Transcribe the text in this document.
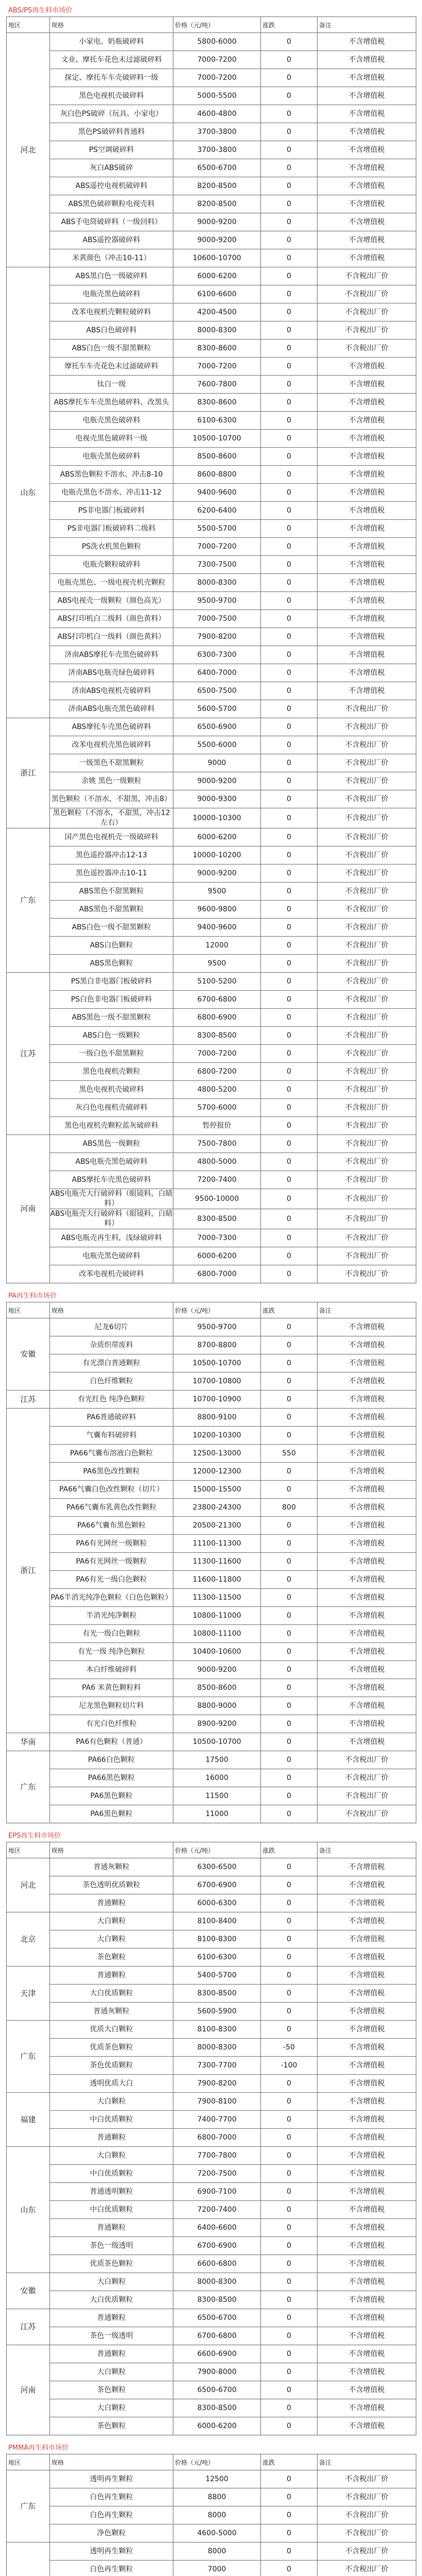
ABS/PS再生料市场价
地区	规格	价格（元/吨）	涨跌	备注
河北	小家电、奶瓶破碎料	5800-6000	0	不含增值税
	文业、摩托车花色未过滤破碎料	7000-7200	0	不含增值税
	探定、摩托车车壳破碎料一级	7000-7200	0	不含增值税
	黑色电视机壳破碎料	5000-5500	0	不含增值税
	灰白色PS破碎（玩具、小家电）	4600-4800	0	不含增值税
	黑色PS破碎料普通料	3700-3800	0	不含增值税
	PS空调破碎料	3700-3800	0	不含增值税
	灰白ABS破碎	6500-6700	0	不含增值税
	ABS遥控电视机破碎料	8200-8500	0	不含增值税
	ABS黑色破碎颗粒电视壳料	8200-8500	0	不含增值税
	ABS手电筒破碎料（一级回料）	9000-9200	0	不含增值税
	ABS遥控器破碎料	9000-9200	0	不含增值税
	米黄颜色（冲击10-11）	10600-10700	0	不含增值税
山东	ABS黑白色一级破碎料	6000-6200	0	不含税出厂价
	电瓶壳黑色破碎料	6100-6600	0	不含税出厂价
	改苯电视机壳颗粒破碎料	4200-4500	0	不含税出厂价
	ABS白色破碎料	8000-8300	0	不含税出厂价
	ABS白色一级不甜黑颗粒	8300-8600	0	不含税出厂价
	摩托车车壳花色未过滤破碎料	7000-7200	0	不含增值税
	钛白一级	7600-7800	0	不含增值税
	ABS摩托车车壳黑色破碎料、改黑头	8300-8600	0	不含增值税
	电瓶壳黑色破碎料	6100-6300	0	不含增值税
	电视壳黑色破碎料一级	10500-10700	0	不含增值税
	电瓶壳黑色破碎料	8500-8600	0	不含增值税
	ABS黑色颗粒不溶水、冲击8-10	8600-8800	0	不含增值税
	电瓶壳黑色不溶水、冲击11-12	9400-9600	0	不含增值税
	PS非电器门板破碎料	6200-6400	0	不含增值税
	PS非电器门板破碎料二级料	5500-5700	0	不含增值税
	PS洗衣机黑色颗粒	7000-7200	0	不含增值税
	电瓶壳颗粒破碎料	7300-7500	0	不含增值税
	电瓶壳黑色、一级电视壳机壳颗粒	8000-8300	0	不含增值税
	ABS电视壳一级颗粒（颜色高光）	9500-9700	0	不含增值税
	ABS打印机白二级料（颜色黄料）	7000-7500	0	不含增值税
	ABS打印机白一级料（颜色黄料）	7900-8200	0	不含增值税
	济南ABS摩托车壳黑色破碎料	6300-7300	0	不含增值税
	济南ABS电瓶壳绿色破碎料	6400-7000	0	不含增值税
	济南ABS电视机壳破碎料	6500-7500	0	不含增值税
	济南ABS电瓶壳黑色破碎料	5600-5700	0	不含税出厂价
浙江	ABS摩托车壳黑色破碎料	6500-6900	0	不含税出厂价
	改苯电视机壳黑色破碎料	5500-6000	0	不含税出厂价
	一级黑色不甜黑颗粒	9000	0	不含税出厂价
	余姚 黑色一级颗粒	9000-9200	0	不含税出厂价
	黑色颗粒（不溶水，不甜黑，冲击8）	9000-9300	0	不含税出厂价
	黑色颗粒（不溶水，不甜黑，冲击12左右）	10000-10300	0	不含税出厂价
广东	国产黑色电视机壳一级破碎料	6000-6200	0	不含税出厂价
	黑色遥控器冲击12-13	10000-10200	0	不含税出厂价
	黑色遥控器冲击10-11	9000-9200	0	不含税出厂价
	ABS黑色不甜黑颗粒	9500	0	不含税出厂价
	ABS黑色不甜黑颗粒	9600-9800	0	不含税出厂价
	ABS白色一级不甜黑颗粒	9400-9600	0	不含税出厂价
	ABS白色颗粒	12000	0	不含税出厂价
	ABS黑色颗粒	9500	0	不含税出厂价
江苏	PS黑白非电器门板破碎料	5100-5200	0	不含税出厂价
	PS白色非电器门板破碎料	6700-6800	0	不含税出厂价
	ABS黑色一级不甜黑颗粒	6800-6900	0	不含税出厂价
	ABS白色一级颗粒	8300-8500	0	不含税出厂价
	一级白色不甜黑颗粒	7000-7200	0	不含税出厂价
	黑色电视机壳颗粒	6800-7200	0	不含税出厂价
	黑色电视机壳破碎料	4800-5200	0	不含税出厂价
	灰白色电视机壳破碎料	5700-6000	0	不含税出厂价
	黑色电视机壳颗粒蓝灰破碎料	暂停报价	0	不含税出厂价
河南	ABS黑色一级颗粒	7500-7800	0	不含税出厂价
	ABS电瓶壳黑色破碎料	4800-5000	0	不含税出厂价
	ABS摩托车壳黑色破碎料	7200-7400	0	不含税出厂价
	ABS电瓶壳大行破碎料（眼镜料，白睛料）	9500-10000	0	不含税出厂价
	ABS电瓶壳大行破碎料（眼镜料，白睛料）	8300-8500	0	不含税出厂价
	ABS电瓶壳再生料，浅绿破碎料	7000-7300	0	不含税出厂价
	电瓶壳黑色破碎料	6000-6200	0	不含税出厂价
	改苯电视机壳破碎料	6800-7000	0	不含税出厂价
PA再生料市场价
地区	规格	价格（元/吨）	涨跌	备注
安徽	尼龙6切片	9500-9700	0	不含增值税
	杂质织带废料	8700-8800	0	不含增值税
	有光漂白普通颗粒	10500-10700	0	不含增值税
	白色纤维颗粒	10700-10800	0	不含增值税
江苏	有光红色 纯净色颗粒	10700-10900	0	不含增值税
浙江	PA6普通破碎料	8800-9100	0	不含增值税
	气囊布料破碎料	10200-10300	0	不含增值税
	PA66气囊布溶液白色颗粒	12500-13000	550	不含增值税
	PA6黑色改性颗粒	12000-12300	0	不含增值税
	PA66气囊白色改性颗粒（切片）	15000-15500	0	不含增值税
	PA66气囊布乳黄色改性颗粒	23800-24300	800	不含增值税
	PA66气囊布黑色颗粒	20500-21300	0	不含增值税
	PA6有光网丝一级颗粒	11100-11300	0	不含增值税
	PA6有光网丝一级颗粒	11300-11600	0	不含增值税
	PA6有光一级白色颗粒	11600-11800	0	不含增值税
	PA6半消光纯净色颗粒（白色色颗粒）	11300-11500	0	不含增值税
	半消光纯净颗粒	10800-11000	0	不含增值税
	有光一级白色颗粒	10800-11100	0	不含增值税
	有光一级 纯净色颗粒	10400-10600	0	不含增值税
	本白纤维破碎料	9000-9200	0	不含增值税
	PA6 米黄色颗粒料	8500-8600	0	不含增值税
	尼龙黑色颗粒切片料	8800-9000	0	不含增值税
	有光白色纤维粒	8900-9200	0	不含增值税
华南	PA6有色颗粒（普通）	10500-10700	0	不含增值税
广东	PA66白色颗粒	17500	0	不含税出厂价
	PA66黑色颗粒	16000	0	不含税出厂价
	PA6黑色颗粒	11500	0	不含税出厂价
	PA6黑色颗粒	11000	0	不含税出厂价
EPS再生料市场价
地区	规格	价格（元/吨）	涨跌	备注
河北	普通灰颗粒	6300-6500	0	不含增值税
	茶色透明优质颗粒	6700-6900	0	不含增值税
	普通颗粒	6000-6300	0	不含增值税
北京	大白颗粒	8100-8400	0	不含增值税
	大白颗粒	8100-8300	0	不含增值税
	茶色颗粒	6100-6300	0	不含增值税
天津	普通颗粒	5400-5700	0	不含增值税
	大白优质颗粒	8300-8500	0	不含增值税
	普通灰颗粒	5600-5900	0	不含增值税
广东	优质大白颗粒	8100-8300	0	不含增值税
	优质茶色颗粒	8000-8300	-50	不含增值税
	茶色优质颗粒	7300-7700	-100	不含增值税
	透明优质大白	7900-8200	0	不含增值税
福建	大白颗粒	7900-8100	0	不含增值税
	中白优质颗粒	7400-7700	0	不含增值税
	普通颗粒	6800-7000	0	不含增值税
山东	大白颗粒	7700-7800	0	不含增值税
	中白优质颗粒	7200-7500	0	不含增值税
	普通透明颗粒	6900-7100	0	不含增值税
	中白优质颗粒	7200-7400	0	不含增值税
	普通颗粒	6400-6600	0	不含增值税
	茶色一级透明	6700-6900	0	不含增值税
	优质茶色颗粒	6600-6800	0	不含增值税
安徽	大白颗粒	8000-8300	0	不含增值税
	大白优质颗粒	8300-8500	0	不含增值税
江苏	普通颗粒	6500-6700	0	不含增值税
	茶色一级透明	6700-6800	0	不含增值税
河南	普通颗粒	6600-6900	0	不含增值税
	大白颗粒	7900-8000	0	不含增值税
	茶色颗粒	6500-6700	0	不含增值税
	大白颗粒	8300-8500	0	不含增值税
	茶色颗粒	6000-6200	0	不含增值税
PMMA再生料市场价
地区	规格	价格（元/吨）	涨跌	备注
广东	透明再生颗粒	12500	0	不含税出厂价
	白色再生颗粒	8800	0	不含税出厂价
	白色再生颗粒	8000	0	不含税出厂价
	净色颗粒	4600-5000	0	不含税出厂价
	透明再生颗粒	8000	0	不含税出厂价
	白色再生颗粒	7000	0	不含税出厂价
